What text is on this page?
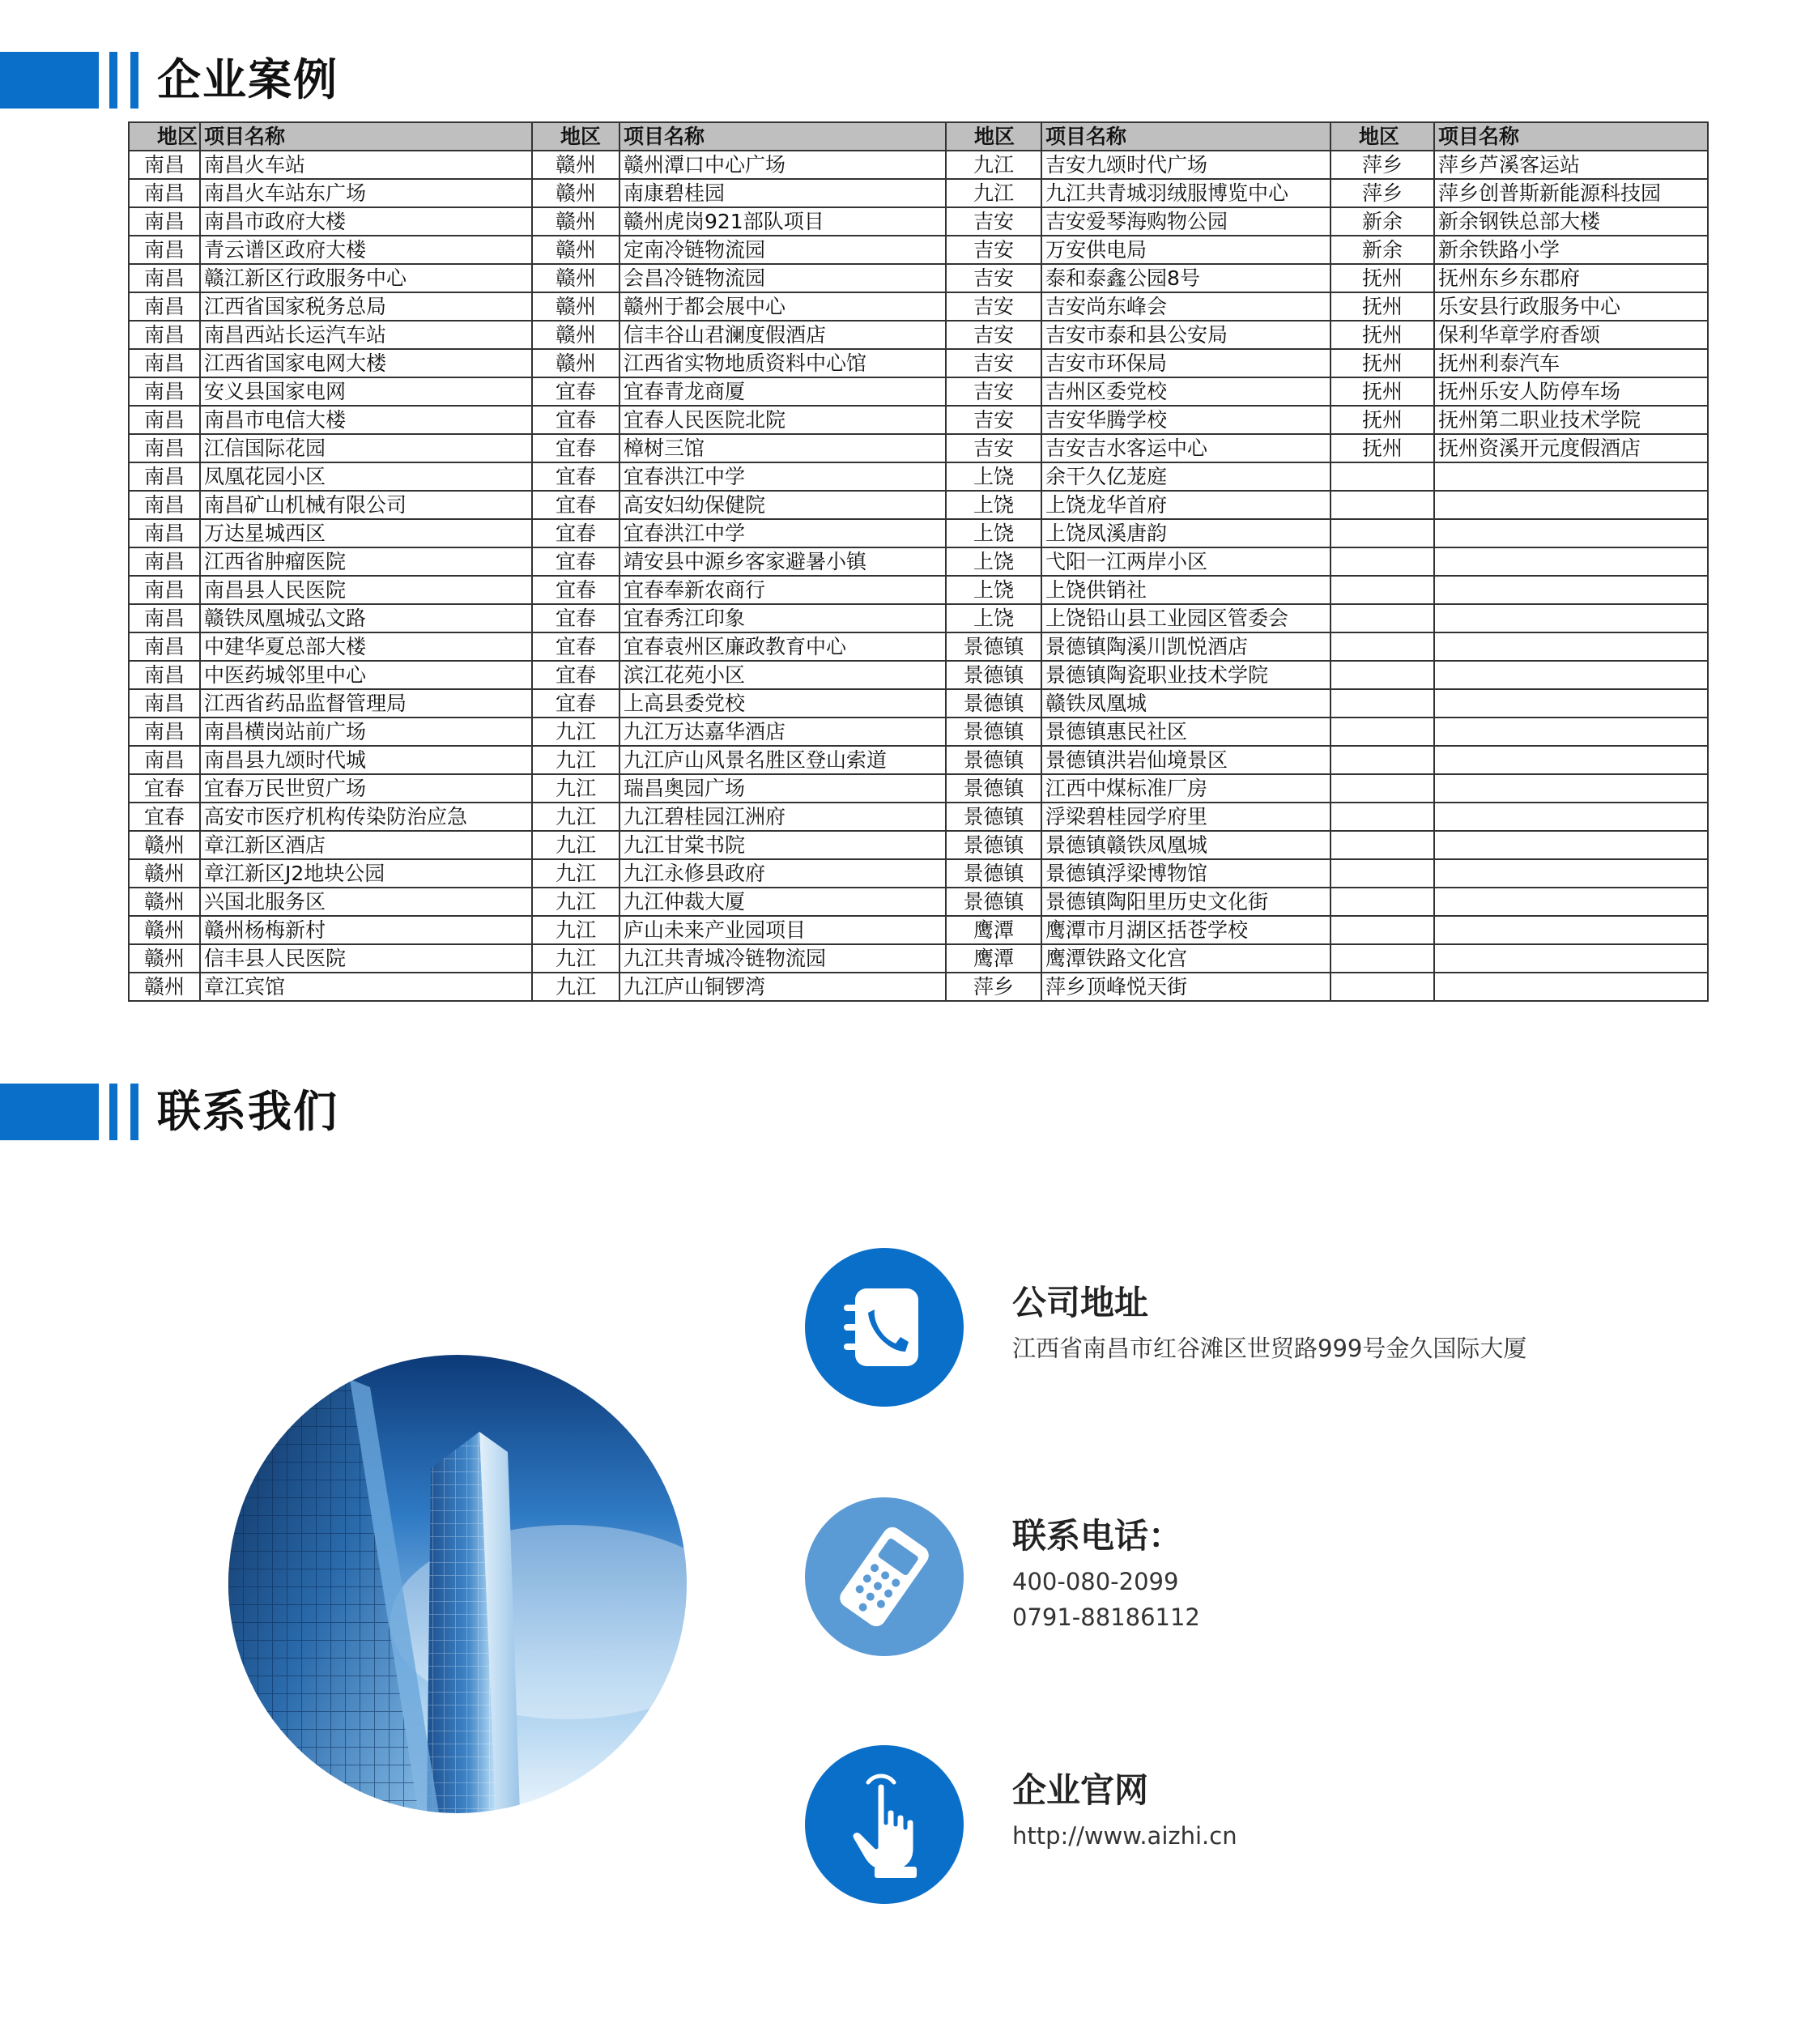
企业案例
地区	项目名称	地区	项目名称	地区	项目名称	地区	项目名称
南昌	南昌火车站	赣州	赣州潭口中心广场	九江	吉安九颂时代广场	萍乡	萍乡芦溪客运站
南昌	南昌火车站东广场	赣州	南康碧桂园	九江	九江共青城羽绒服博览中心	萍乡	萍乡创普斯新能源科技园
南昌	南昌市政府大楼	赣州	赣州虎岗921部队项目	吉安	吉安爱琴海购物公园	新余	新余钢铁总部大楼
南昌	青云谱区政府大楼	赣州	定南冷链物流园	吉安	万安供电局	新余	新余铁路小学
南昌	赣江新区行政服务中心	赣州	会昌冷链物流园	吉安	泰和泰鑫公园8号	抚州	抚州东乡东郡府
南昌	江西省国家税务总局	赣州	赣州于都会展中心	吉安	吉安尚东峰会	抚州	乐安县行政服务中心
南昌	南昌西站长运汽车站	赣州	信丰谷山君澜度假酒店	吉安	吉安市泰和县公安局	抚州	保利华章学府香颂
南昌	江西省国家电网大楼	赣州	江西省实物地质资料中心馆	吉安	吉安市环保局	抚州	抚州利泰汽车
南昌	安义县国家电网	宜春	宜春青龙商厦	吉安	吉州区委党校	抚州	抚州乐安人防停车场
南昌	南昌市电信大楼	宜春	宜春人民医院北院	吉安	吉安华腾学校	抚州	抚州第二职业技术学院
南昌	江信国际花园	宜春	樟树三馆	吉安	吉安吉水客运中心	抚州	抚州资溪开元度假酒店
南昌	凤凰花园小区	宜春	宜春洪江中学	上饶	余干久亿茏庭		
南昌	南昌矿山机械有限公司	宜春	高安妇幼保健院	上饶	上饶龙华首府		
南昌	万达星城西区	宜春	宜春洪江中学	上饶	上饶凤溪唐韵		
南昌	江西省肿瘤医院	宜春	靖安县中源乡客家避暑小镇	上饶	弋阳一江两岸小区		
南昌	南昌县人民医院	宜春	宜春奉新农商行	上饶	上饶供销社		
南昌	赣铁凤凰城弘文路	宜春	宜春秀江印象	上饶	上饶铅山县工业园区管委会		
南昌	中建华夏总部大楼	宜春	宜春袁州区廉政教育中心	景德镇	景德镇陶溪川凯悦酒店		
南昌	中医药城邻里中心	宜春	滨江花苑小区	景德镇	景德镇陶瓷职业技术学院		
南昌	江西省药品监督管理局	宜春	上高县委党校	景德镇	赣铁凤凰城		
南昌	南昌横岗站前广场	九江	九江万达嘉华酒店	景德镇	景德镇惠民社区		
南昌	南昌县九颂时代城	九江	九江庐山风景名胜区登山索道	景德镇	景德镇洪岩仙境景区		
宜春	宜春万民世贸广场	九江	瑞昌奥园广场	景德镇	江西中煤标准厂房		
宜春	高安市医疗机构传染防治应急	九江	九江碧桂园江洲府	景德镇	浮梁碧桂园学府里		
赣州	章江新区酒店	九江	九江甘棠书院	景德镇	景德镇赣铁凤凰城		
赣州	章江新区J2地块公园	九江	九江永修县政府	景德镇	景德镇浮梁博物馆		
赣州	兴国北服务区	九江	九江仲裁大厦	景德镇	景德镇陶阳里历史文化街		
赣州	赣州杨梅新村	九江	庐山未来产业园项目	鹰潭	鹰潭市月湖区括苍学校		
赣州	信丰县人民医院	九江	九江共青城冷链物流园	鹰潭	鹰潭铁路文化宫		
赣州	章江宾馆	九江	九江庐山铜锣湾	萍乡	萍乡顶峰悦天街		
联系我们
公司地址
江西省南昌市红谷滩区世贸路999号金久国际大厦
联系电话：
400-080-2099
0791-88186112
企业官网
http://www.aizhi.cn
